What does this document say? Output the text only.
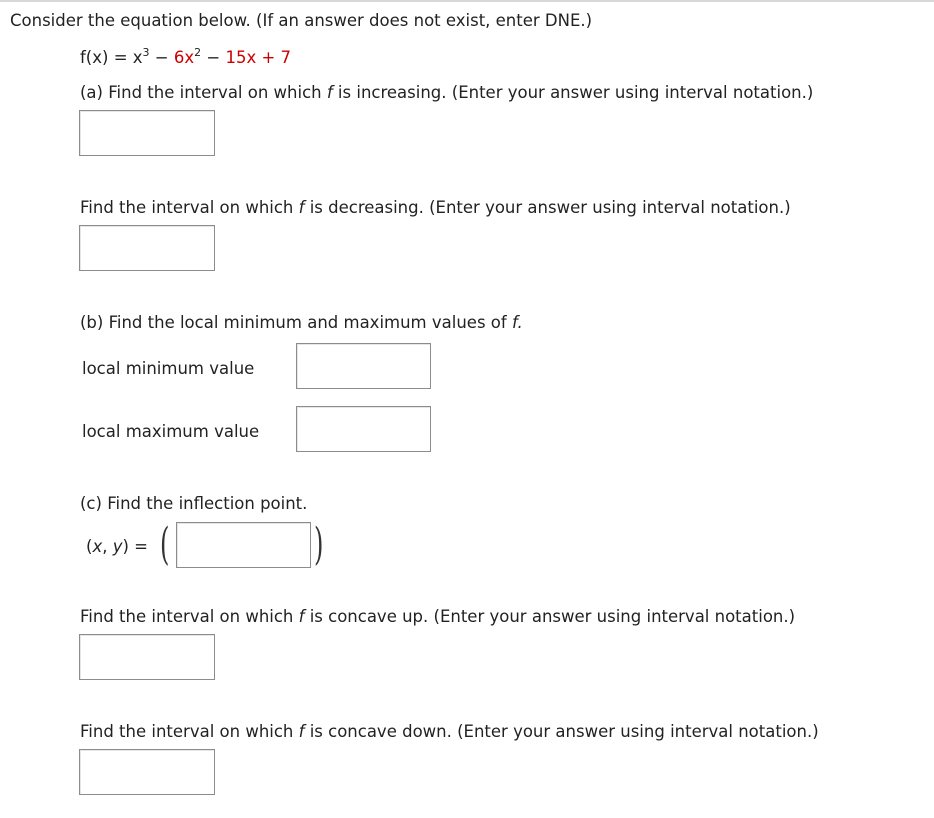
Consider the equation below. (If an answer does not exist, enter DNE.)
$f(x) = x^3 - 6x^2 - 15x + 7$
(a) Find the interval on which f is increasing. (Enter your answer using interval notation.)
Find the interval on which f is decreasing. (Enter your answer using interval notation.)
(b) Find the local minimum and maximum values of f.
local minimum value
local maximum value
(c) Find the inflection point.
(x, y) = (	)
Find the interval on which f is concave up. (Enter your answer using interval notation.)
Find the interval on which f is concave down. (Enter your answer using interval notation.)
